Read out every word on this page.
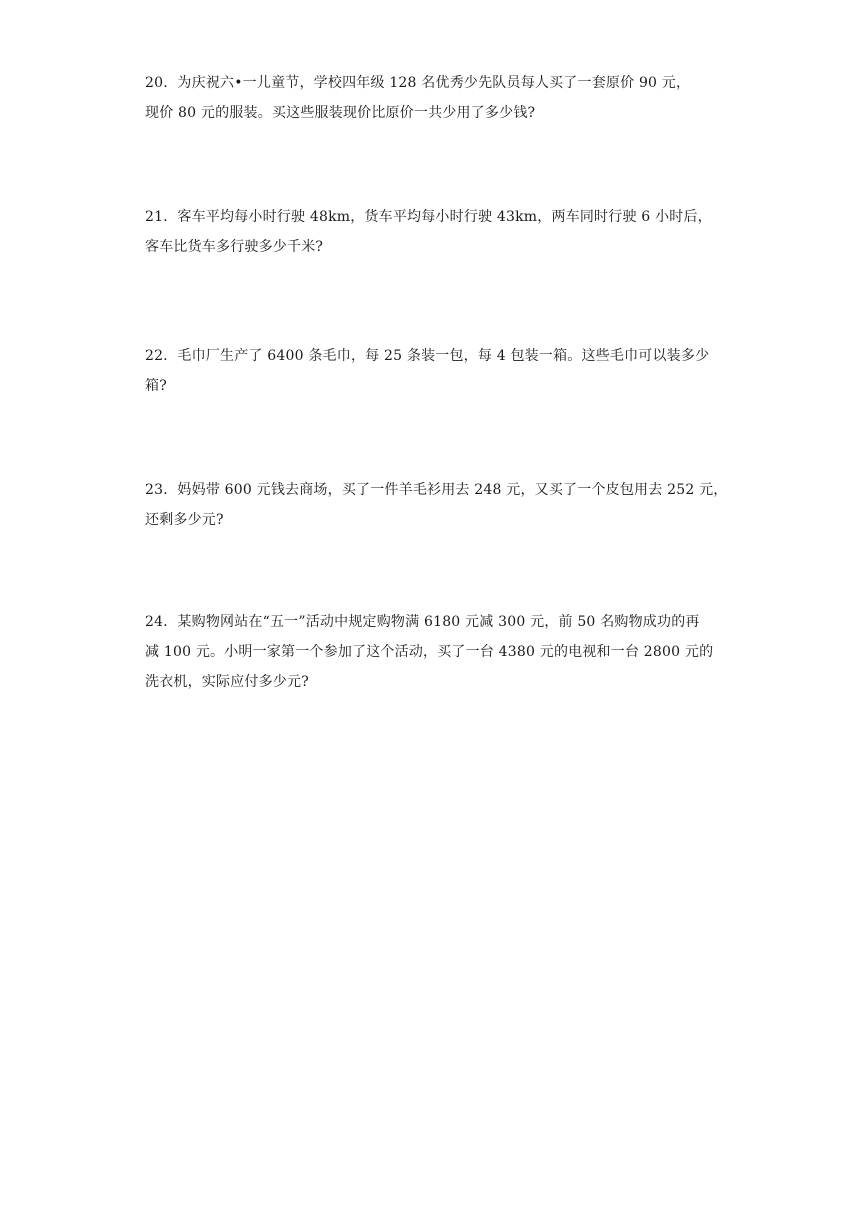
20．为庆祝六•一儿童节，学校四年级 128 名优秀少先队员每人买了一套原价 90 元，
现价 80 元的服装。买这些服装现价比原价一共少用了多少钱?
21．客车平均每小时行驶 48km，货车平均每小时行驶 43km，两车同时行驶 6 小时后，
客车比货车多行驶多少千米?
22．毛巾厂生产了 6400 条毛巾，每 25 条装一包，每 4 包装一箱。这些毛巾可以装多少
箱?
23．妈妈带 600 元钱去商场，买了一件羊毛衫用去 248 元，又买了一个皮包用去 252 元，
还剩多少元?
24．某购物网站在“五一”活动中规定购物满 6180 元减 300 元，前 50 名购物成功的再
减 100 元。小明一家第一个参加了这个活动，买了一台 4380 元的电视和一台 2800 元的
洗衣机，实际应付多少元?
